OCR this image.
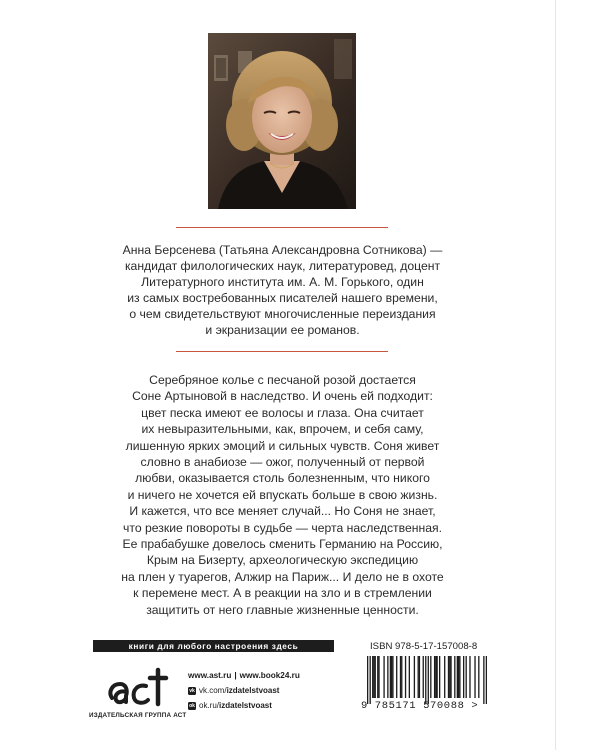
Анна Берсенева (Татьяна Александровна Сотникова) —
кандидат филологических наук, литературовед, доцент
Литературного института им. А. М. Горького, один
из самых востребованных писателей нашего времени,
о чем свидетельствуют многочисленные переиздания
и экранизации ее романов.
Серебряное колье с песчаной розой достается
Соне Артыновой в наследство. И очень ей подходит:
цвет песка имеют ее волосы и глаза. Она считает
их невыразительными, как, впрочем, и себя саму,
лишенную ярких эмоций и сильных чувств. Соня живет
словно в анабиозе — ожог, полученный от первой
любви, оказывается столь болезненным, что никого
и ничего не хочется ей впускать больше в свою жизнь.
И кажется, что все меняет случай... Но Соня не знает,
что резкие повороты в судьбе — черта наследственная.
Ее прабабушке довелось сменить Германию на Россию,
Крым на Бизерту, археологическую экспедицию
на плен у туарегов, Алжир на Париж... И дело не в охоте
к перемене мест. А в реакции на зло и в стремлении
защитить от него главные жизненные ценности.
книги для любого настроения здесь
ИЗДАТЕЛЬСКАЯ ГРУППА АСТ
www.ast.ru | www.book24.ru
vk vk.com/izdatelstvoast
ok ok.ru/izdatelstvoast
ISBN 978-5-17-157008-8
9 785171 570088 >
